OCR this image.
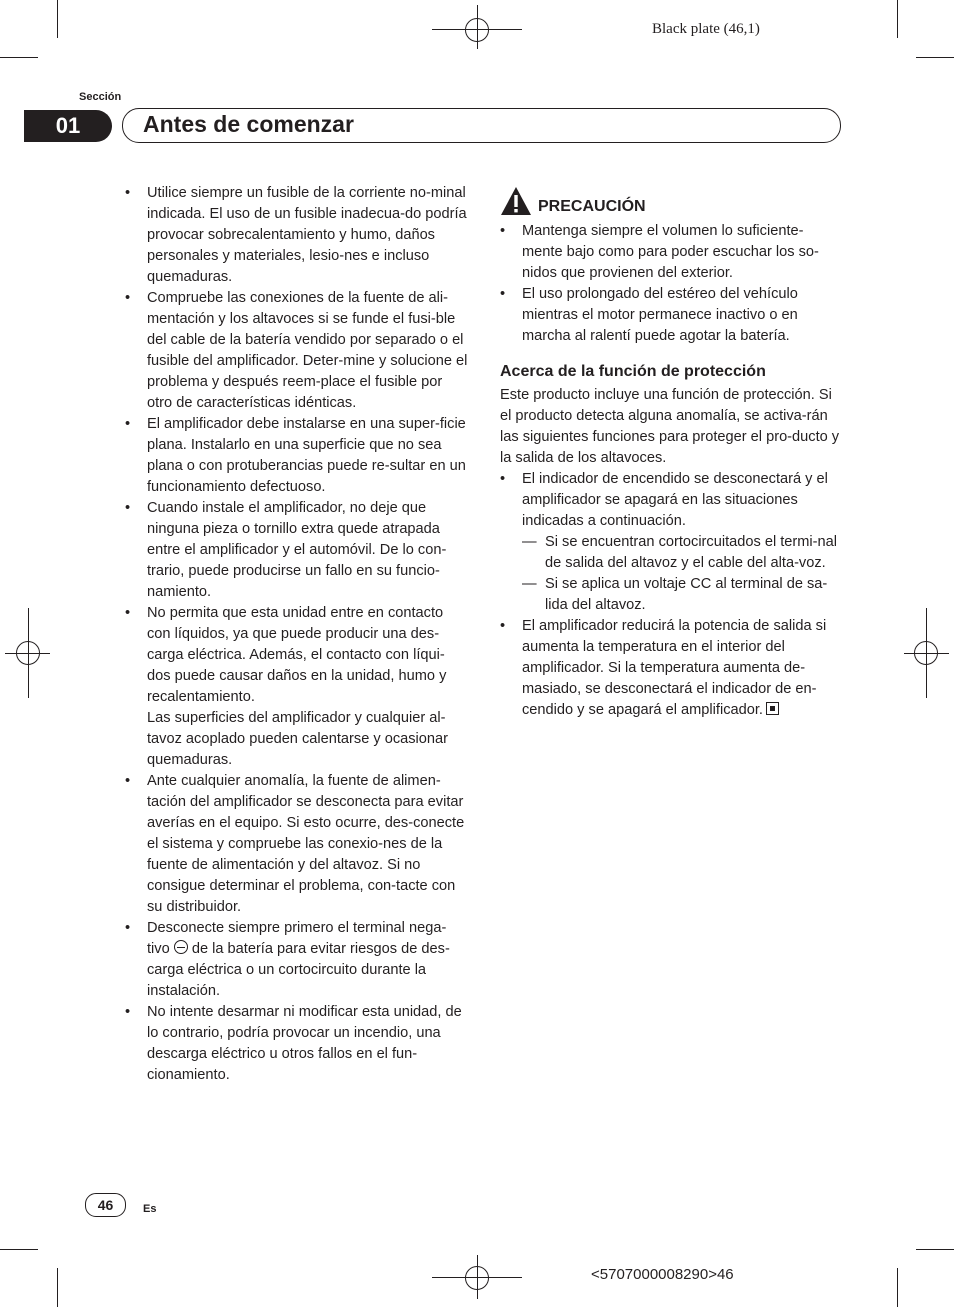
Black plate (46,1)
Sección
01	Antes de comenzar
• Utilice siempre un fusible de la corriente no-minal indicada. El uso de un fusible inadecua-do podría provocar sobrecalentamiento y humo, daños personales y materiales, lesio-nes e incluso quemaduras.

• Compruebe las conexiones de la fuente de ali-mentación y los altavoces si se funde el fusi-ble del cable de la batería vendido por separado o el fusible del amplificador. Deter-mine y solucione el problema y después reem-place el fusible por otro de características idénticas.

• El amplificador debe instalarse en una super-ficie plana. Instalarlo en una superficie que no sea plana o con protuberancias puede re-sultar en un funcionamiento defectuoso.

• Cuando instale el amplificador, no deje que ninguna pieza o tornillo extra quede atrapada entre el amplificador y el automóvil. De lo con-trario, puede producirse un fallo en su funcio-namiento.

• No permita que esta unidad entre en contacto con líquidos, ya que puede producir una des-carga eléctrica. Además, el contacto con líqui-dos puede causar daños en la unidad, humo y recalentamiento.

Las superficies del amplificador y cualquier al-tavoz acoplado pueden calentarse y ocasionar quemaduras.

• Ante cualquier anomalía, la fuente de alimen-tación del amplificador se desconecta para evitar averías en el equipo. Si esto ocurre, des-conecte el sistema y compruebe las conexio-nes de la fuente de alimentación y del altavoz. Si no consigue determinar el problema, con-tacte con su distribuidor.

• Desconecte siempre primero el terminal nega-tivo de la batería para evitar riesgos de des-carga eléctrica o un cortocircuito durante la instalación.

• No intente desarmar ni modificar esta unidad, de lo contrario, podría provocar un incendio, una descarga eléctrico u otros fallos en el fun-cionamiento.

PRECAUCIÓN
• Mantenga siempre el volumen lo suficiente-mente bajo como para poder escuchar los so-nidos que provienen del exterior.

• El uso prolongado del estéreo del vehículo mientras el motor permanece inactivo o en marcha al ralentí puede agotar la batería.

Acerca de la función de protección

Este producto incluye una función de protección. Si el producto detecta alguna anomalía, se activa-rán las siguientes funciones para proteger el pro-ducto y la salida de los altavoces.

• El indicador de encendido se desconectará y el amplificador se apagará en las situaciones indicadas a continuación.

— Si se encuentran cortocircuitados el termi-nal de salida del altavoz y el cable del alta-voz.

— Si se aplica un voltaje CC al terminal de sa-lida del altavoz.

• El amplificador reducirá la potencia de salida si aumenta la temperatura en el interior del amplificador. Si la temperatura aumenta de-masiado, se desconectará el indicador de en-cendido y se apagará el amplificador.

46	Es
<5707000008290>46
